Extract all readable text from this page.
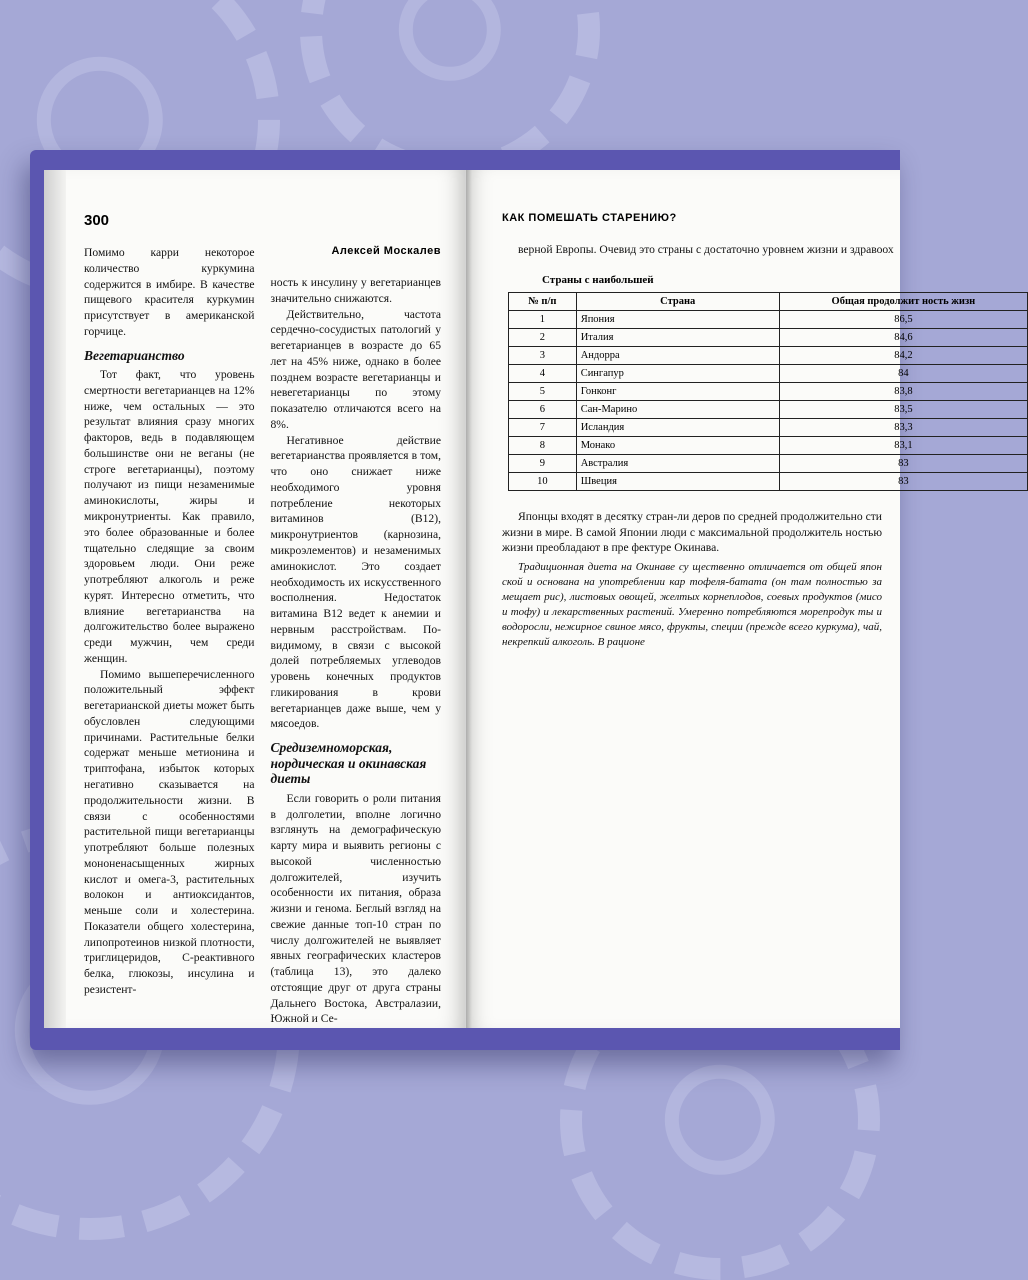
300

Помимо карри некоторое количество куркумина содержится в имбире. В качестве пищевого красителя куркумин присутствует в американской горчице.

Вегетарианство

Тот факт, что уровень смертности вегетарианцев на 12% ниже, чем остальных — это результат влияния сразу многих факторов, ведь в подавляющем большинстве они не веганы (не строге вегетарианцы), поэтому получают из пищи незаменимые аминокислоты, жиры и микронутриенты. Как правило, это более образованные и более тщательно следящие за своим здоровьем люди. Они реже употребляют алкоголь и реже курят. Интересно отметить, что влияние вегетарианства на долгожительство более выражено среди мужчин, чем среди женщин.

Помимо вышеперечисленного положительный эффект вегетарианской диеты может быть обусловлен следующими причинами. Растительные белки содержат меньше метионина и триптофана, избыток которых негативно сказывается на продолжительности жизни. В связи с особенностями растительной пищи вегетарианцы употребляют больше полезных мононенасыщенных жирных кислот и омега-3, растительных волокон и антиоксидантов, меньше соли и холестерина. Показатели общего холестерина, липопротеинов низкой плотности, триглицеридов, С-реактивного белка, глюкозы, инсулина и резистент-

Алексей Москалев

ность к инсулину у вегетарианцев значительно снижаются.

Действительно, частота сердечно-сосудистых патологий у вегетарианцев в возрасте до 65 лет на 45% ниже, однако в более позднем возрасте вегетарианцы и невегетарианцы по этому показателю отличаются всего на 8%.

Негативное действие вегетарианства проявляется в том, что оно снижает ниже необходимого уровня потребление некоторых витаминов (B12), микронутриентов (карнозина, микроэлементов) и незаменимых аминокислот. Это создает необходимость их искусственного восполнения. Недостаток витамина B12 ведет к анемии и нервным расстройствам. По-видимому, в связи с высокой долей потребляемых углеводов уровень конечных продуктов гликирования в крови вегетарианцев даже выше, чем у мясоедов.

Средиземноморская, нордическая и окинавская диеты

Если говорить о роли питания в долголетии, вполне логично взглянуть на демографическую карту мира и выявить регионы с высокой численностью долгожителей, изучить особенности их питания, образа жизни и генома. Беглый взгляд на свежие данные топ-10 стран по числу долгожителей не выявляет явных географических кластеров (таблица 13), это далеко отстоящие друг от друга страны Дальнего Востока, Австралазии, Южной и Се-

КАК ПОМЕШАТЬ СТАРЕНИЮ?

верной Европы. Очевид это страны с достаточно уровнем жизни и здравоох

Страны с наибольшей
№ п/п	Страна	Общая продолжит ность жизн
1	Япония	86,5
2	Италия	84,6
3	Андорра	84,2
4	Сингапур	84
5	Гонконг	83,8
6	Сан-Марино	83,5
7	Исландия	83,3
8	Монако	83,1
9	Австралия	83
10	Швеция	83

Японцы входят в десятку стран-ли деров по средней продолжительно сти жизни в мире. В самой Японии люди с максимальной продолжитель ностью жизни преобладают в пре фектуре Окинава.

Традиционная диета на Окинаве су щественно отличается от общей япон ской и основана на употреблении кар тофеля-батата (он там полностью за мещает рис), листовых овощей, желтых корнеплодов, соевых продуктов (мисо и тофу) и лекарственных растений. Умеренно потребляются морепродук ты и водоросли, нежирное свиное мясо, фрукты, специи (прежде всего куркума), чай, некрепкий алкоголь. В рационе
